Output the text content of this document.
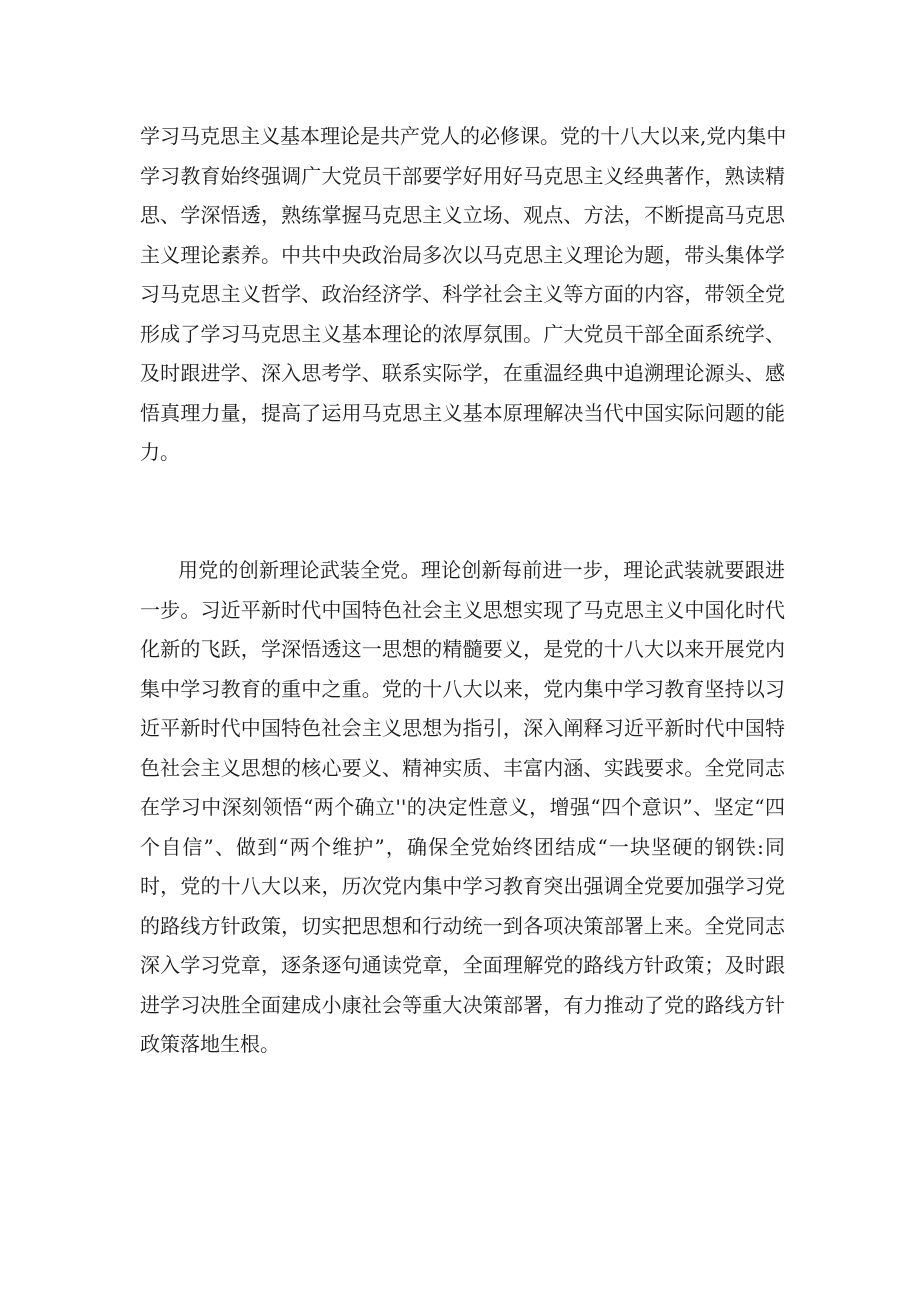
学习马克思主义基本理论是共产党人的必修课。党的十八大以来,党内集中
学习教育始终强调广大党员干部要学好用好马克思主义经典著作，熟读精
思、学深悟透，熟练掌握马克思主义立场、观点、方法，不断提高马克思
主义理论素养。中共中央政治局多次以马克思主义理论为题，带头集体学
习马克思主义哲学、政治经济学、科学社会主义等方面的内容，带领全党
形成了学习马克思主义基本理论的浓厚氛围。广大党员干部全面系统学、
及时跟进学、深入思考学、联系实际学，在重温经典中追溯理论源头、感
悟真理力量，提高了运用马克思主义基本原理解决当代中国实际问题的能
力。
用党的创新理论武装全党。理论创新每前进一步，理论武装就要跟进
一步。习近平新时代中国特色社会主义思想实现了马克思主义中国化时代
化新的飞跃，学深悟透这一思想的精髓要义，是党的十八大以来开展党内
集中学习教育的重中之重。党的十八大以来，党内集中学习教育坚持以习
近平新时代中国特色社会主义思想为指引，深入阐释习近平新时代中国特
色社会主义思想的核心要义、精神实质、丰富内涵、实践要求。全党同志
在学习中深刻领悟“两个确立''的决定性意义，增强“四个意识”、坚定“四
个自信”、做到“两个维护”，确保全党始终团结成“一块坚硬的钢铁:同
时，党的十八大以来，历次党内集中学习教育突出强调全党要加强学习党
的路线方针政策，切实把思想和行动统一到各项决策部署上来。全党同志
深入学习党章，逐条逐句通读党章，全面理解党的路线方针政策；及时跟
进学习决胜全面建成小康社会等重大决策部署，有力推动了党的路线方针
政策落地生根。
